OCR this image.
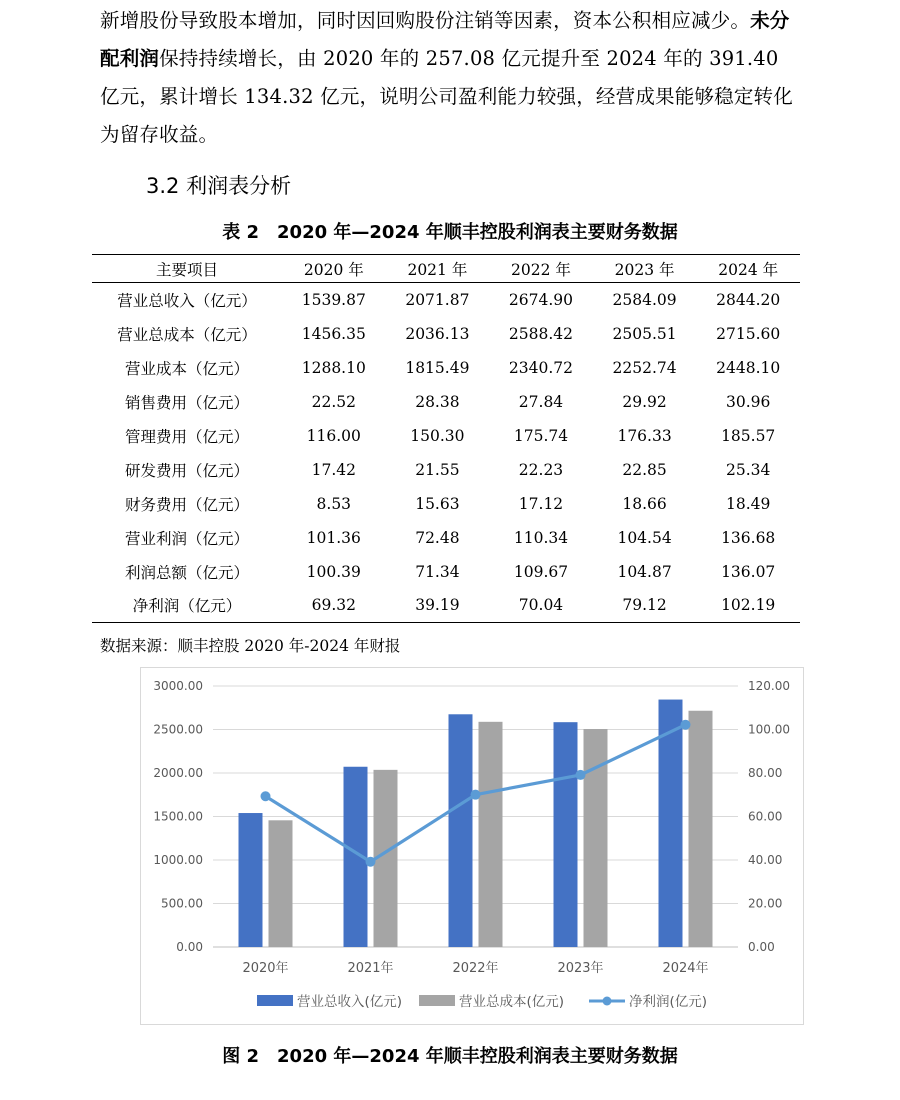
新增股份导致股本增加，同时因回购股份注销等因素，资本公积相应减少。未分配利润保持持续增长，由 2020 年的 257.08 亿元提升至 2024 年的 391.40 亿元，累计增长 134.32 亿元，说明公司盈利能力较强，经营成果能够稳定转化为留存收益。
3.2 利润表分析
表 2 2020 年—2024 年顺丰控股利润表主要财务数据
主要项目	2020 年	2021 年	2022 年	2023 年	2024 年
营业总收入（亿元）	1539.87	2071.87	2674.90	2584.09	2844.20
营业总成本（亿元）	1456.35	2036.13	2588.42	2505.51	2715.60
营业成本（亿元）	1288.10	1815.49	2340.72	2252.74	2448.10
销售费用（亿元）	22.52	28.38	27.84	29.92	30.96
管理费用（亿元）	116.00	150.30	175.74	176.33	185.57
研发费用（亿元）	17.42	21.55	22.23	22.85	25.34
财务费用（亿元）	8.53	15.63	17.12	18.66	18.49
营业利润（亿元）	101.36	72.48	110.34	104.54	136.68
利润总额（亿元）	100.39	71.34	109.67	104.87	136.07
净利润（亿元）	69.32	39.19	70.04	79.12	102.19
数据来源：顺丰控股 2020 年-2024 年财报
0.00
500.00
1000.00
1500.00
2000.00
2500.00
3000.00
0.00
20.00
40.00
60.00
80.00
100.00
120.00
2020年	2021年	2022年	2023年	2024年
营业总收入(亿元)	营业总成本(亿元)	净利润(亿元)
图 2 2020 年—2024 年顺丰控股利润表主要财务数据
